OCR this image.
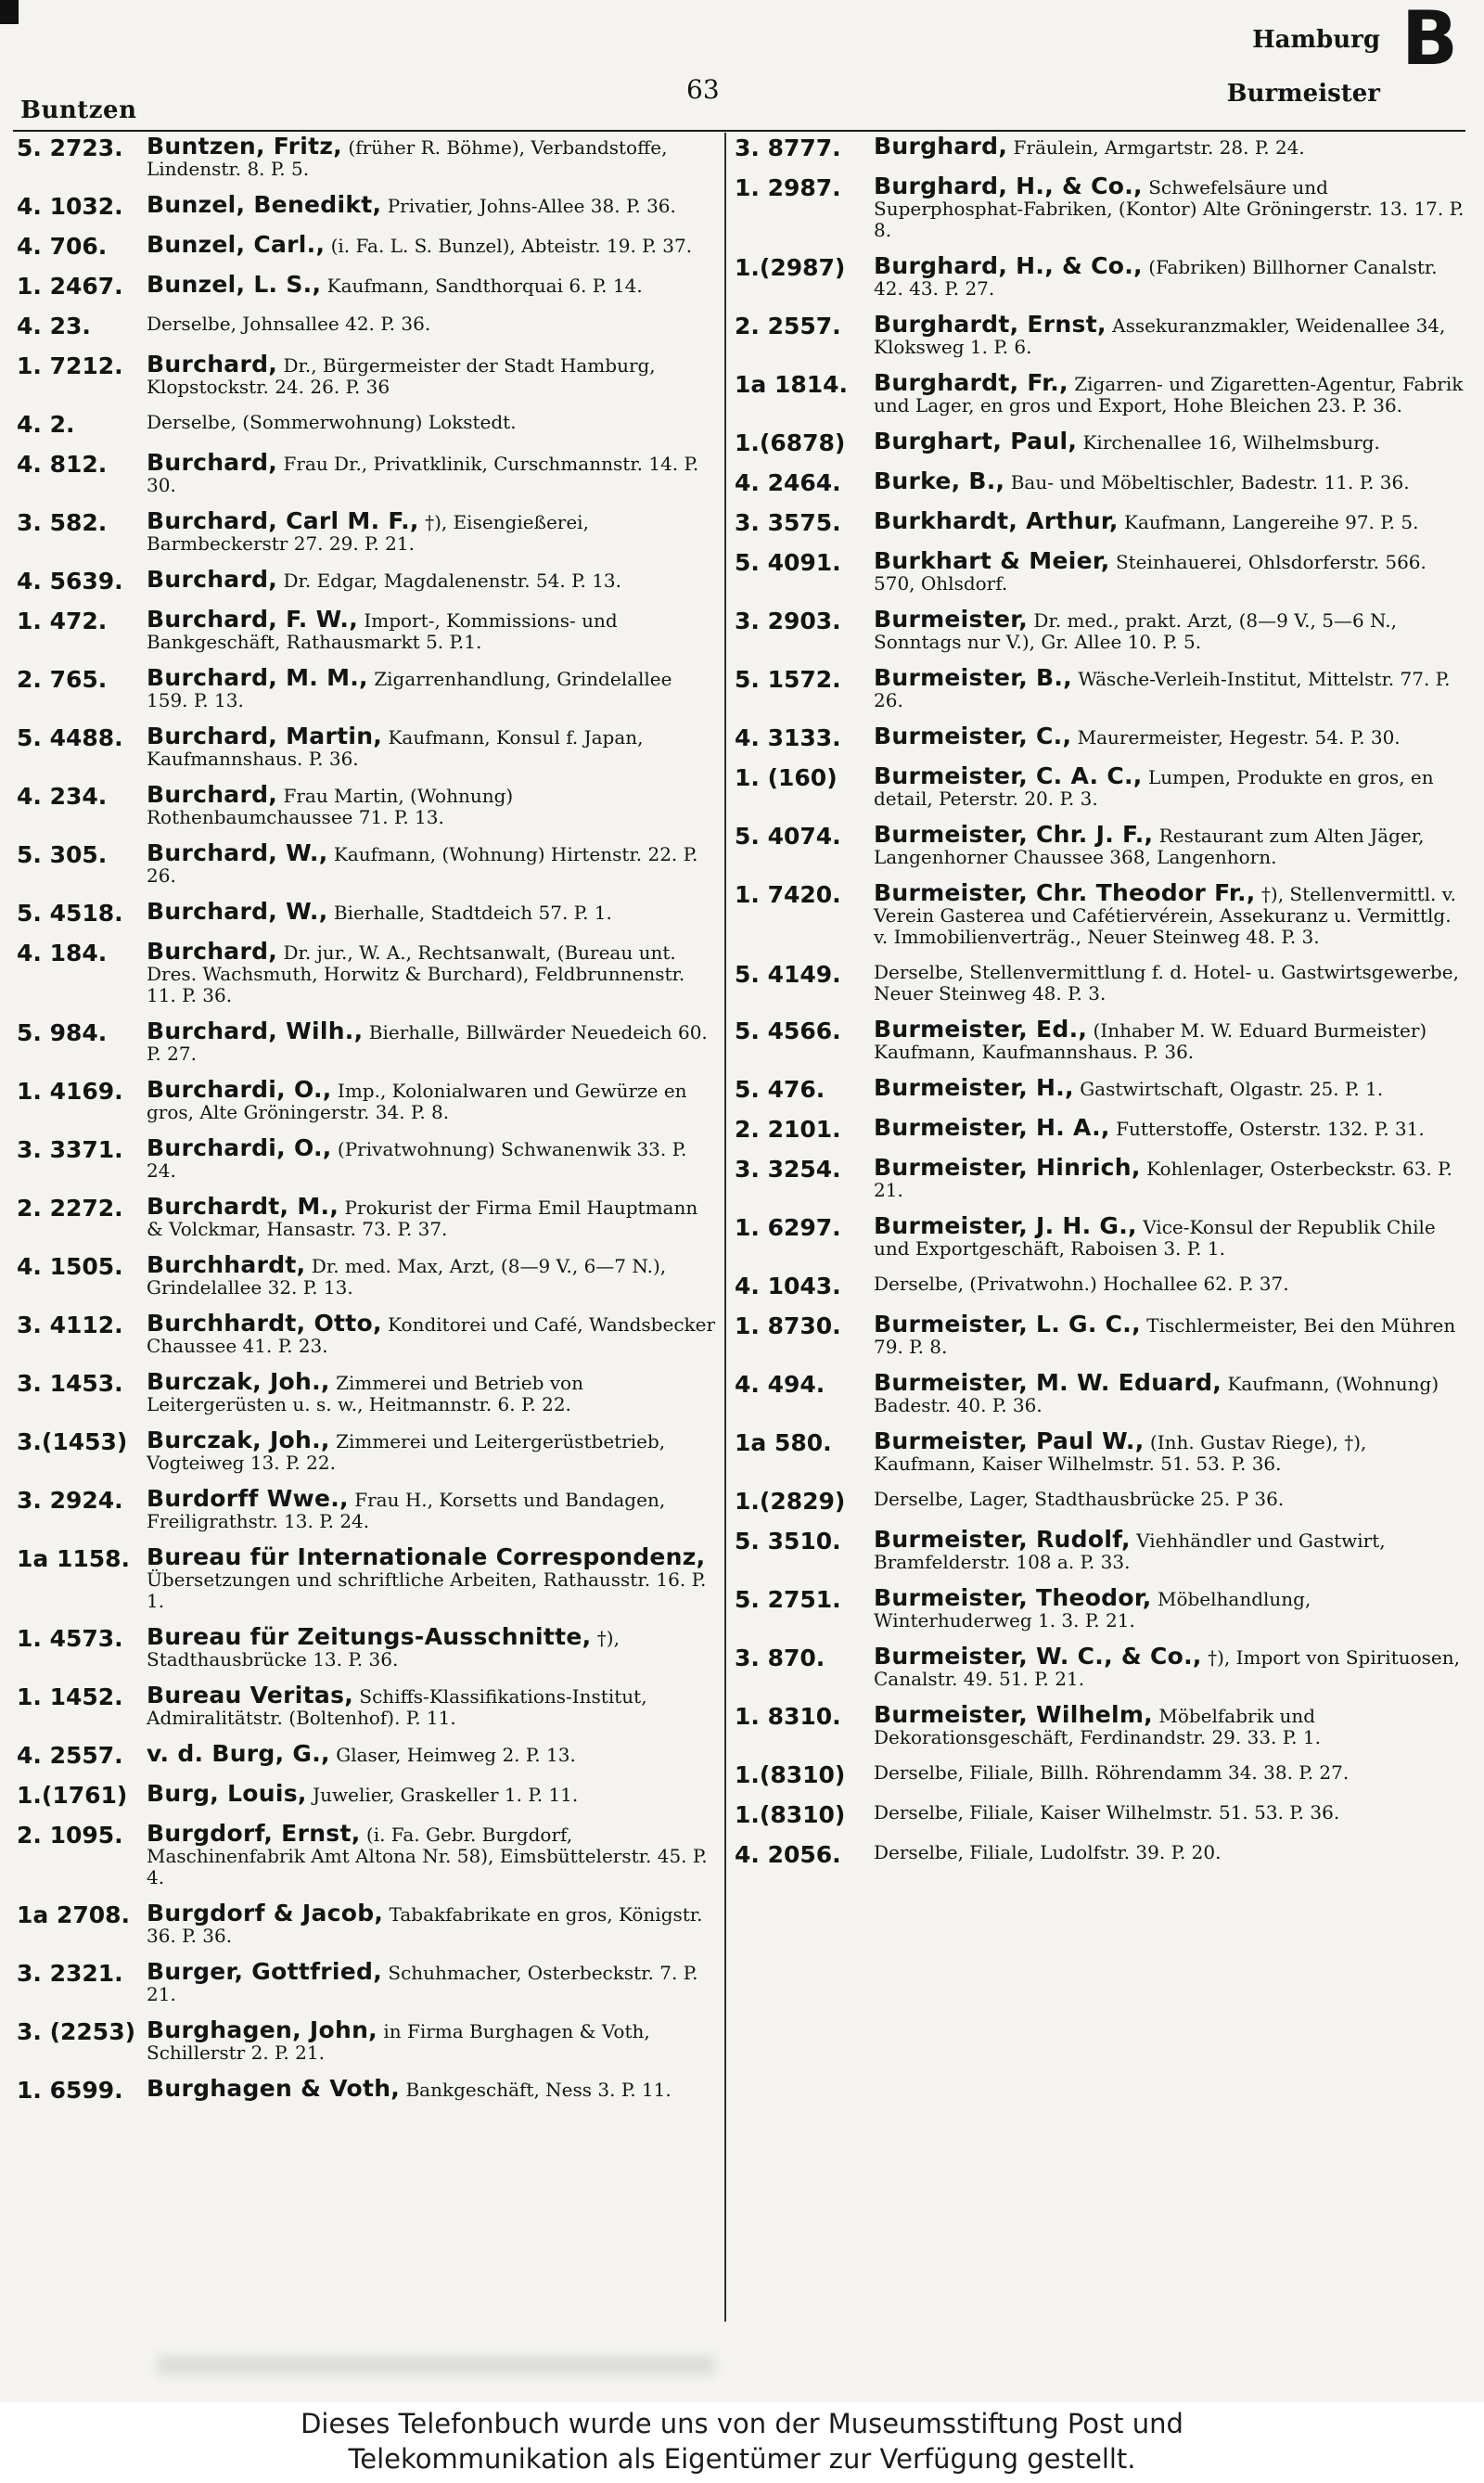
Buntzen
63
Hamburg
Burmeister
B
5. 2723.	Buntzen, Fritz, (früher R. Böhme), Verbandstoffe, Lindenstr. 8. P. 5.
4. 1032.	Bunzel, Benedikt, Privatier, Johns-Allee 38. P. 36.
4. 706.	Bunzel, Carl., (i. Fa. L. S. Bunzel), Abteistr. 19. P. 37.
1. 2467.	Bunzel, L. S., Kaufmann, Sandthorquai 6. P. 14.
4. 23.	Derselbe, Johnsallee 42. P. 36.
1. 7212.	Burchard, Dr., Bürgermeister der Stadt Hamburg, Klopstockstr. 24. 26. P. 36
4. 2.	Derselbe, (Sommerwohnung) Lokstedt.
4. 812.	Burchard, Frau Dr., Privatklinik, Curschmannstr. 14. P. 30.
3. 582.	Burchard, Carl M. F., †), Eisengießerei, Barmbeckerstr 27. 29. P. 21.
4. 5639.	Burchard, Dr. Edgar, Magdalenenstr. 54. P. 13.
1. 472.	Burchard, F. W., Import-, Kommissions- und Bankgeschäft, Rathausmarkt 5. P.1.
2. 765.	Burchard, M. M., Zigarrenhandlung, Grindelallee 159. P. 13.
5. 4488.	Burchard, Martin, Kaufmann, Konsul f. Japan, Kaufmannshaus. P. 36.
4. 234.	Burchard, Frau Martin, (Wohnung) Rothenbaumchaussee 71. P. 13.
5. 305.	Burchard, W., Kaufmann, (Wohnung) Hirtenstr. 22. P. 26.
5. 4518.	Burchard, W., Bierhalle, Stadtdeich 57. P. 1.
4. 184.	Burchard, Dr. jur., W. A., Rechtsanwalt, (Bureau unt. Dres. Wachsmuth, Horwitz & Burchard), Feldbrunnenstr. 11. P. 36.
5. 984.	Burchard, Wilh., Bierhalle, Billwärder Neuedeich 60. P. 27.
1. 4169.	Burchardi, O., Imp., Kolonialwaren und Gewürze en gros, Alte Gröningerstr. 34. P. 8.
3. 3371.	Burchardi, O., (Privatwohnung) Schwanenwik 33. P. 24.
2. 2272.	Burchardt, M., Prokurist der Firma Emil Hauptmann & Volckmar, Hansastr. 73. P. 37.
4. 1505.	Burchhardt, Dr. med. Max, Arzt, (8—9 V., 6—7 N.), Grindelallee 32. P. 13.
3. 4112.	Burchhardt, Otto, Konditorei und Café, Wandsbecker Chaussee 41. P. 23.
3. 1453.	Burczak, Joh., Zimmerei und Betrieb von Leitergerüsten u. s. w., Heitmannstr. 6. P. 22.
3.(1453) Burczak, Joh., Zimmerei und Leitergerüstbetrieb, Vogteiweg 13. P. 22.
3. 2924.	Burdorff Wwe., Frau H., Korsetts und Bandagen, Freiligrathstr. 13. P. 24.
1a 1158. Bureau für Internationale Correspondenz, Übersetzungen und schriftliche Arbeiten, Rathausstr. 16. P. 1.
1. 4573.	Bureau für Zeitungs-Ausschnitte, †), Stadthausbrücke 13. P. 36.
1. 1452.	Bureau Veritas, Schiffs-Klassifikations-Institut, Admiralitätstr. (Boltenhof). P. 11.
4. 2557.	v. d. Burg, G., Glaser, Heimweg 2. P. 13.
1.(1761) Burg, Louis, Juwelier, Graskeller 1. P. 11.
2. 1095.	Burgdorf, Ernst, (i. Fa. Gebr. Burgdorf, Maschinenfabrik Amt Altona Nr. 58), Eimsbüttelerstr. 45. P. 4.
1a 2708. Burgdorf & Jacob, Tabakfabrikate en gros, Königstr. 36. P. 36.
3. 2321.	Burger, Gottfried, Schuhmacher, Osterbeckstr. 7. P. 21.
3. (2253) Burghagen, John, in Firma Burghagen & Voth, Schillerstr 2. P. 21.
1. 6599.	Burghagen & Voth, Bankgeschäft, Ness 3. P. 11.
3. 8777.	Burghard, Fräulein, Armgartstr. 28. P. 24.
1. 2987.	Burghard, H., & Co., Schwefelsäure und Superphosphat-Fabriken, (Kontor) Alte Gröningerstr. 13. 17. P. 8.
1.(2987)	Burghard, H., & Co., (Fabriken) Billhorner Canalstr. 42. 43. P. 27.
2. 2557.	Burghardt, Ernst, Assekuranzmakler, Weidenallee 34, Kloksweg 1. P. 6.
1a 1814.	Burghardt, Fr., Zigarren- und Zigaretten-Agentur, Fabrik und Lager, en gros und Export, Hohe Bleichen 23. P. 36.
1.(6878)	Burghart, Paul, Kirchenallee 16, Wilhelmsburg.
4. 2464.	Burke, B., Bau- und Möbeltischler, Badestr. 11. P. 36.
3. 3575.	Burkhardt, Arthur, Kaufmann, Langereihe 97. P. 5.
5. 4091.	Burkhart & Meier, Steinhauerei, Ohlsdorferstr. 566. 570, Ohlsdorf.
3. 2903.	Burmeister, Dr. med., prakt. Arzt, (8—9 V., 5—6 N., Sonntags nur V.), Gr. Allee 10. P. 5.
5. 1572.	Burmeister, B., Wäsche-Verleih-Institut, Mittelstr. 77. P. 26.
4. 3133.	Burmeister, C., Maurermeister, Hegestr. 54. P. 30.
1. (160)	Burmeister, C. A. C., Lumpen, Produkte en gros, en detail, Peterstr. 20. P. 3.
5. 4074.	Burmeister, Chr. J. F., Restaurant zum Alten Jäger, Langenhorner Chaussee 368, Langenhorn.
1. 7420.	Burmeister, Chr. Theodor Fr., †), Stellenvermittl. v. Verein Gasterea und Cafétiervérein, Assekuranz u. Vermittlg. v. Immobilienverträg., Neuer Steinweg 48. P. 3.
5. 4149.	Derselbe, Stellenvermittlung f. d. Hotel- u. Gastwirtsgewerbe, Neuer Steinweg 48. P. 3.
5. 4566.	Burmeister, Ed., (Inhaber M. W. Eduard Burmeister) Kaufmann, Kaufmannshaus. P. 36.
5. 476.	Burmeister, H., Gastwirtschaft, Olgastr. 25. P. 1.
2. 2101.	Burmeister, H. A., Futterstoffe, Osterstr. 132. P. 31.
3. 3254.	Burmeister, Hinrich, Kohlenlager, Osterbeckstr. 63. P. 21.
1. 6297.	Burmeister, J. H. G., Vice-Konsul der Republik Chile und Exportgeschäft, Raboisen 3. P. 1.
4. 1043.	Derselbe, (Privatwohn.) Hochallee 62. P. 37.
1. 8730.	Burmeister, L. G. C., Tischlermeister, Bei den Mühren 79. P. 8.
4. 494.	Burmeister, M. W. Eduard, Kaufmann, (Wohnung) Badestr. 40. P. 36.
1a 580.	Burmeister, Paul W., (Inh. Gustav Riege), †), Kaufmann, Kaiser Wilhelmstr. 51. 53. P. 36.
1.(2829)	Derselbe, Lager, Stadthausbrücke 25. P 36.
5. 3510.	Burmeister, Rudolf, Viehhändler und Gastwirt, Bramfelderstr. 108 a. P. 33.
5. 2751.	Burmeister, Theodor, Möbelhandlung, Winterhuderweg 1. 3. P. 21.
3. 870.	Burmeister, W. C., & Co., †), Import von Spirituosen, Canalstr. 49. 51. P. 21.
1. 8310.	Burmeister, Wilhelm, Möbelfabrik und Dekorationsgeschäft, Ferdinandstr. 29. 33. P. 1.
1.(8310)	Derselbe, Filiale, Billh. Röhrendamm 34. 38. P. 27.
1.(8310)	Derselbe, Filiale, Kaiser Wilhelmstr. 51. 53. P. 36.
4. 2056.	Derselbe, Filiale, Ludolfstr. 39. P. 20.
Dieses Telefonbuch wurde uns von der Museumsstiftung Post und
Telekommunikation als Eigentümer zur Verfügung gestellt.
